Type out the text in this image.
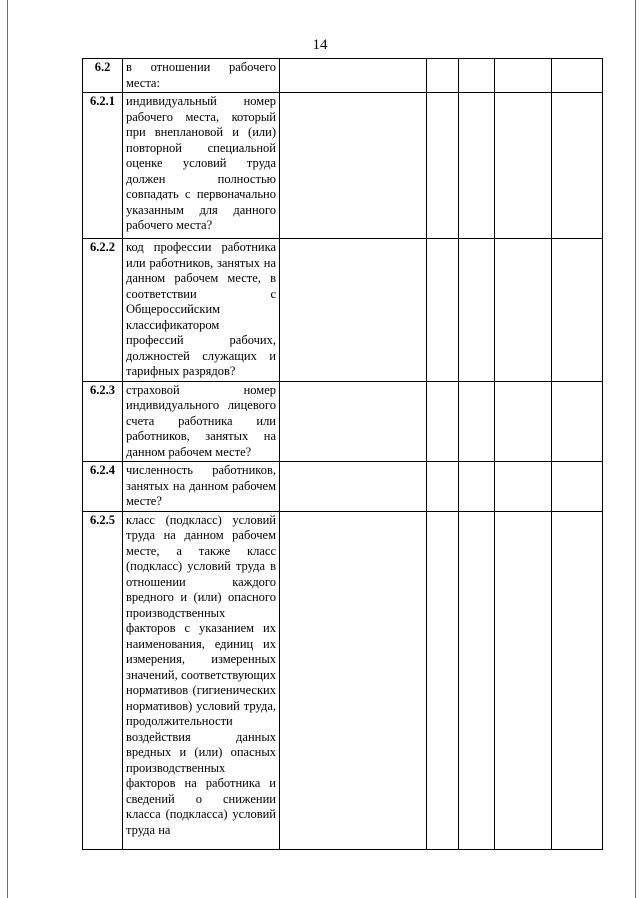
14
6.2	в отношении рабочего места:					
6.2.1	индивидуальный номер рабочего места, который при внеплановой и (или) повторной специальной оценке условий труда должен полностью совпадать с первоначально указанным для данного рабочего места?					
6.2.2	код профессии работника или работников, занятых на данном рабочем месте, в соответствии с Общероссийским классификатором профессий рабочих, должностей служащих и тарифных разрядов?					
6.2.3	страховой номер индивидуального лицевого счета работника или работников, занятых на данном рабочем месте?					
6.2.4	численность работников, занятых на данном рабочем месте?					
6.2.5	класс (подкласс) условий труда на данном рабочем месте, а также класс (подкласс) условий труда в отношении каждого вредного и (или) опасного производственных факторов с указанием их наименования, единиц их измерения, измеренных значений, соответствующих нормативов (гигиенических нормативов) условий труда, продолжительности воздействия данных вредных и (или) опасных производственных факторов на работника и сведений о снижении класса (подкласса) условий труда на					
